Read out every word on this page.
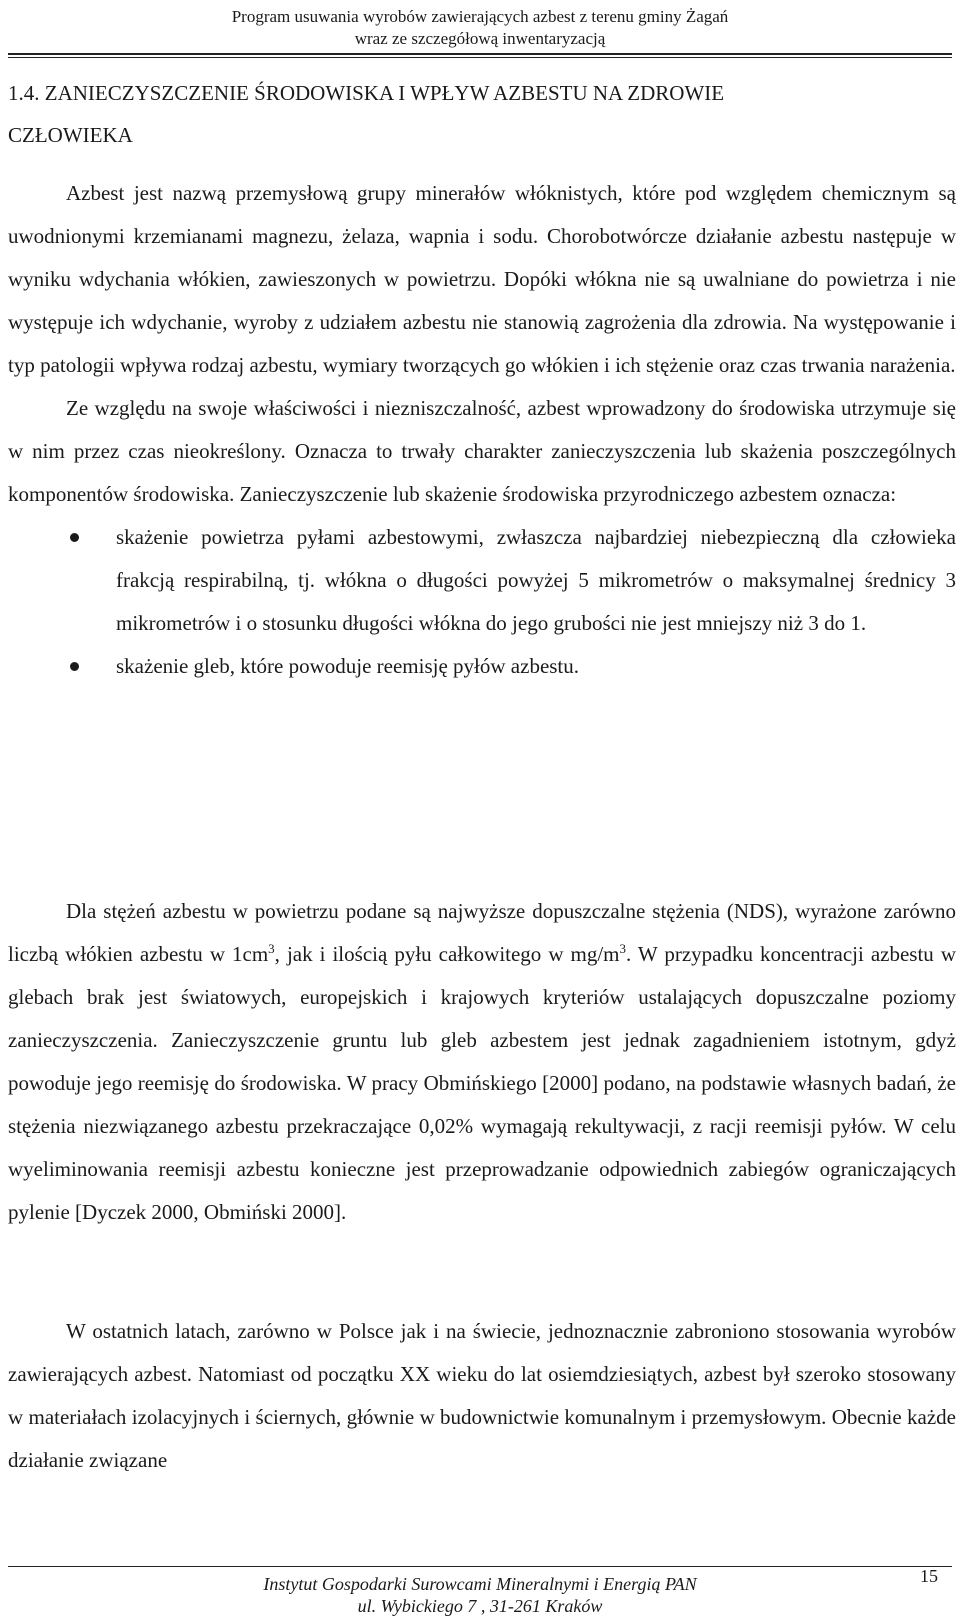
Program usuwania wyrobów zawierających azbest z terenu gminy Żagań
wraz ze szczegółową inwentaryzacją
1.4. ZANIECZYSZCZENIE ŚRODOWISKA I WPŁYW AZBESTU NA ZDROWIE
CZŁOWIEKA

Azbest jest nazwą przemysłową grupy minerałów włóknistych, które pod względem chemicznym są uwodnionymi krzemianami magnezu, żelaza, wapnia i sodu. Chorobotwórcze działanie azbestu następuje w wyniku wdychania włókien, zawieszonych w powietrzu. Dopóki włókna nie są uwalniane do powietrza i nie występuje ich wdychanie, wyroby z udziałem azbestu nie stanowią zagrożenia dla zdrowia. Na występowanie i typ patologii wpływa rodzaj azbestu, wymiary tworzących go włókien i ich stężenie oraz czas trwania narażenia.

Ze względu na swoje właściwości i niezniszczalność, azbest wprowadzony do środowiska utrzymuje się w nim przez czas nieokreślony. Oznacza to trwały charakter zanieczyszczenia lub skażenia poszczególnych komponentów środowiska. Zanieczyszczenie lub skażenie środowiska przyrodniczego azbestem oznacza:

skażenie powietrza pyłami azbestowymi, zwłaszcza najbardziej niebezpieczną dla człowieka frakcją respirabilną, tj. włókna o długości powyżej 5 mikrometrów o maksymalnej średnicy 3 mikrometrów i o stosunku długości włókna do jego grubości nie jest mniejszy niż 3 do 1.
skażenie gleb, które powoduje reemisję pyłów azbestu.

Dla stężeń azbestu w powietrzu podane są najwyższe dopuszczalne stężenia (NDS), wyrażone zarówno liczbą włókien azbestu w $1cm^3$, jak i ilością pyłu całkowitego w $mg/m^3$. W przypadku koncentracji azbestu w glebach brak jest światowych, europejskich i krajowych kryteriów ustalających dopuszczalne poziomy zanieczyszczenia. Zanieczyszczenie gruntu lub gleb azbestem jest jednak zagadnieniem istotnym, gdyż powoduje jego reemisję do środowiska. W pracy Obmińskiego [2000] podano, na podstawie własnych badań, że stężenia niezwiązanego azbestu przekraczające 0,02% wymagają rekultywacji, z racji reemisji pyłów. W celu wyeliminowania reemisji azbestu konieczne jest przeprowadzanie odpowiednich zabiegów ograniczających pylenie [Dyczek 2000, Obmiński 2000].

W ostatnich latach, zarówno w Polsce jak i na świecie, jednoznacznie zabroniono stosowania wyrobów zawierających azbest. Natomiast od początku XX wieku do lat osiemdziesiątych, azbest był szeroko stosowany w materiałach izolacyjnych i ściernych, głównie w budownictwie komunalnym i przemysłowym. Obecnie każde działanie związane

Instytut Gospodarki Surowcami Mineralnymi i Energią PAN
ul. Wybickiego 7 , 31-261 Kraków
15
